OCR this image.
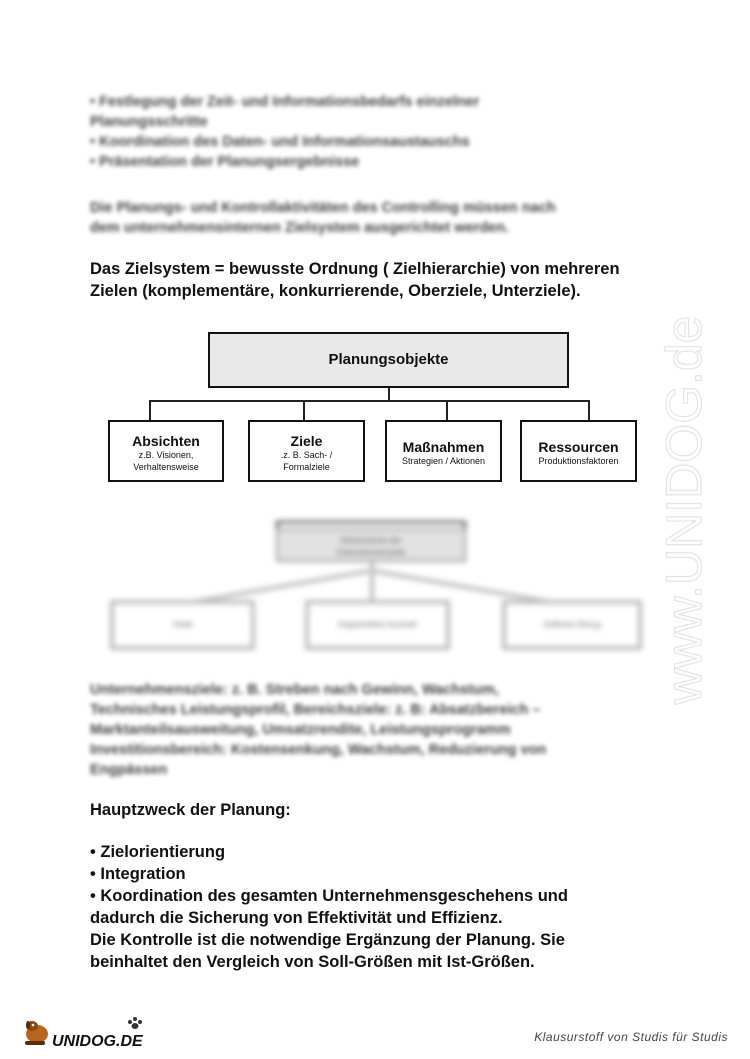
• Festlegung der Zeit- und Informationsbedarfs einzelner
Planungsschritte
• Koordination des Daten- und Informationsaustauschs
• Präsentation der Planungsergebnisse
Die Planungs- und Kontrollaktivitäten des Controlling müssen nach
dem unternehmensinternen Zielsystem ausgerichtet werden.
Das Zielsystem = bewusste Ordnung ( Zielhierarchie) von mehreren
Zielen (komplementäre, konkurrierende, Oberziele, Unterziele).
Planungsobjekte
Absichten
z.B. Visionen,
Verhaltensweise
Ziele
.z. B. Sach- /
Formalziele
Maßnahmen
Strategien / Aktionen
Ressourcen
Produktionsfaktoren
Dimensionen der
Unternehmensziele
Inhalt	Angestrebtes Ausmaß	Zeitlicher Bezug
Unternehmensziele: z. B. Streben nach Gewinn, Wachstum,
Technisches Leistungsprofil, Bereichsziele: z. B: Absatzbereich –
Marktanteilsausweitung, Umsatzrendite, Leistungsprogramm
Investitionsbereich: Kostensenkung, Wachstum, Reduzierung von
Engpässen
Hauptzweck der Planung:
• Zielorientierung
• Integration
• Koordination des gesamten Unternehmensgeschehens und
dadurch die Sicherung von Effektivität und Effizienz.
Die Kontrolle ist die notwendige Ergänzung der Planung. Sie
beinhaltet den Vergleich von Soll-Größen mit Ist-Größen.
www.UNIDOG.de
UNIDOG.DE	Klausurstoff von Studis für Studis
